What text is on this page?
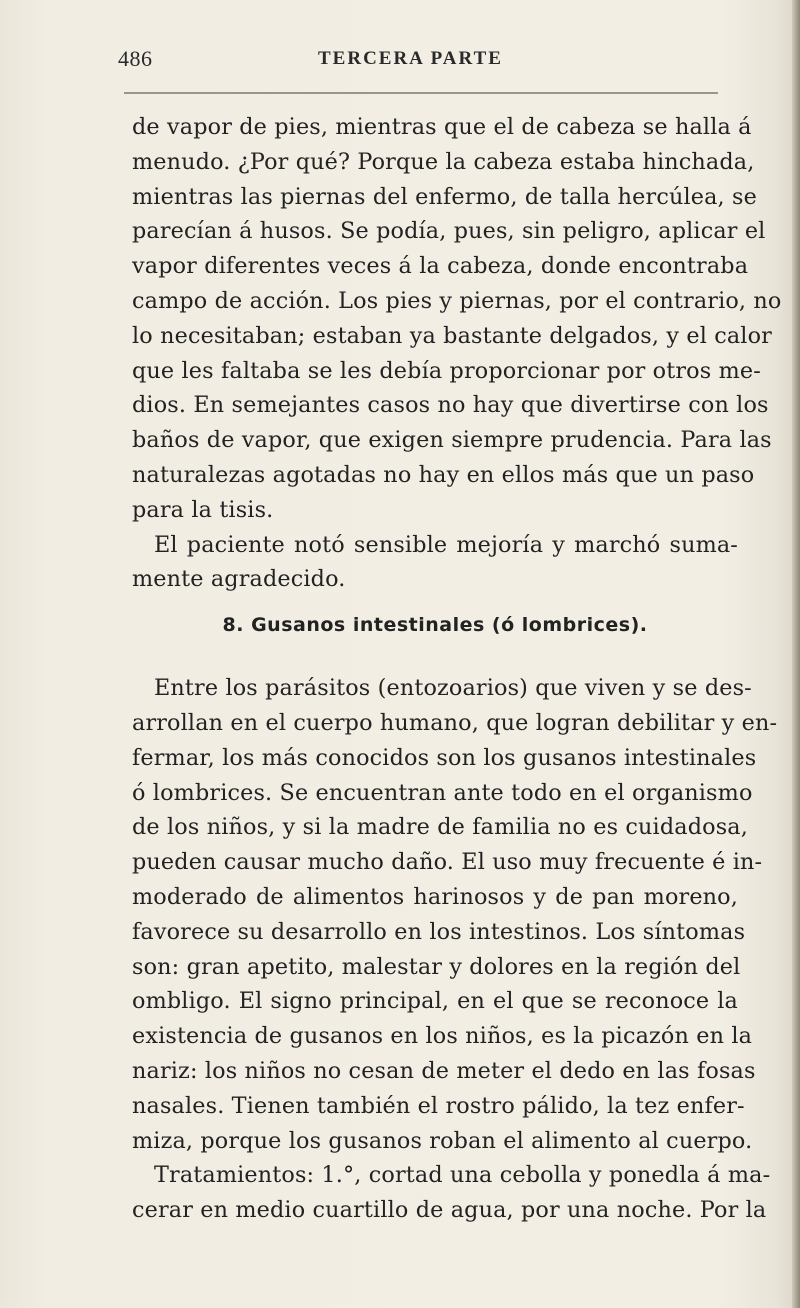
486	TERCERA PARTE
de vapor de pies, mientras que el de cabeza se halla á
menudo. ¿Por qué? Porque la cabeza estaba hinchada,
mientras las piernas del enfermo, de talla hercúlea, se
parecían á husos. Se podía, pues, sin peligro, aplicar el
vapor diferentes veces á la cabeza, donde encontraba
campo de acción. Los pies y piernas, por el contrario, no
lo necesitaban; estaban ya bastante delgados, y el calor
que les faltaba se les debía proporcionar por otros me-
dios. En semejantes casos no hay que divertirse con los
baños de vapor, que exigen siempre prudencia. Para las
naturalezas agotadas no hay en ellos más que un paso
para la tisis.
El paciente notó sensible mejoría y marchó suma-
mente agradecido.
8. Gusanos intestinales (ó lombrices).
Entre los parásitos (entozoarios) que viven y se des-
arrollan en el cuerpo humano, que logran debilitar y en-
fermar, los más conocidos son los gusanos intestinales
ó lombrices. Se encuentran ante todo en el organismo
de los niños, y si la madre de familia no es cuidadosa,
pueden causar mucho daño. El uso muy frecuente é in-
moderado de alimentos harinosos y de pan moreno,
favorece su desarrollo en los intestinos. Los síntomas
son: gran apetito, malestar y dolores en la región del
ombligo. El signo principal, en el que se reconoce la
existencia de gusanos en los niños, es la picazón en la
nariz: los niños no cesan de meter el dedo en las fosas
nasales. Tienen también el rostro pálido, la tez enfer-
miza, porque los gusanos roban el alimento al cuerpo.
Tratamientos: 1.°, cortad una cebolla y ponedla á ma-
cerar en medio cuartillo de agua, por una noche. Por la
